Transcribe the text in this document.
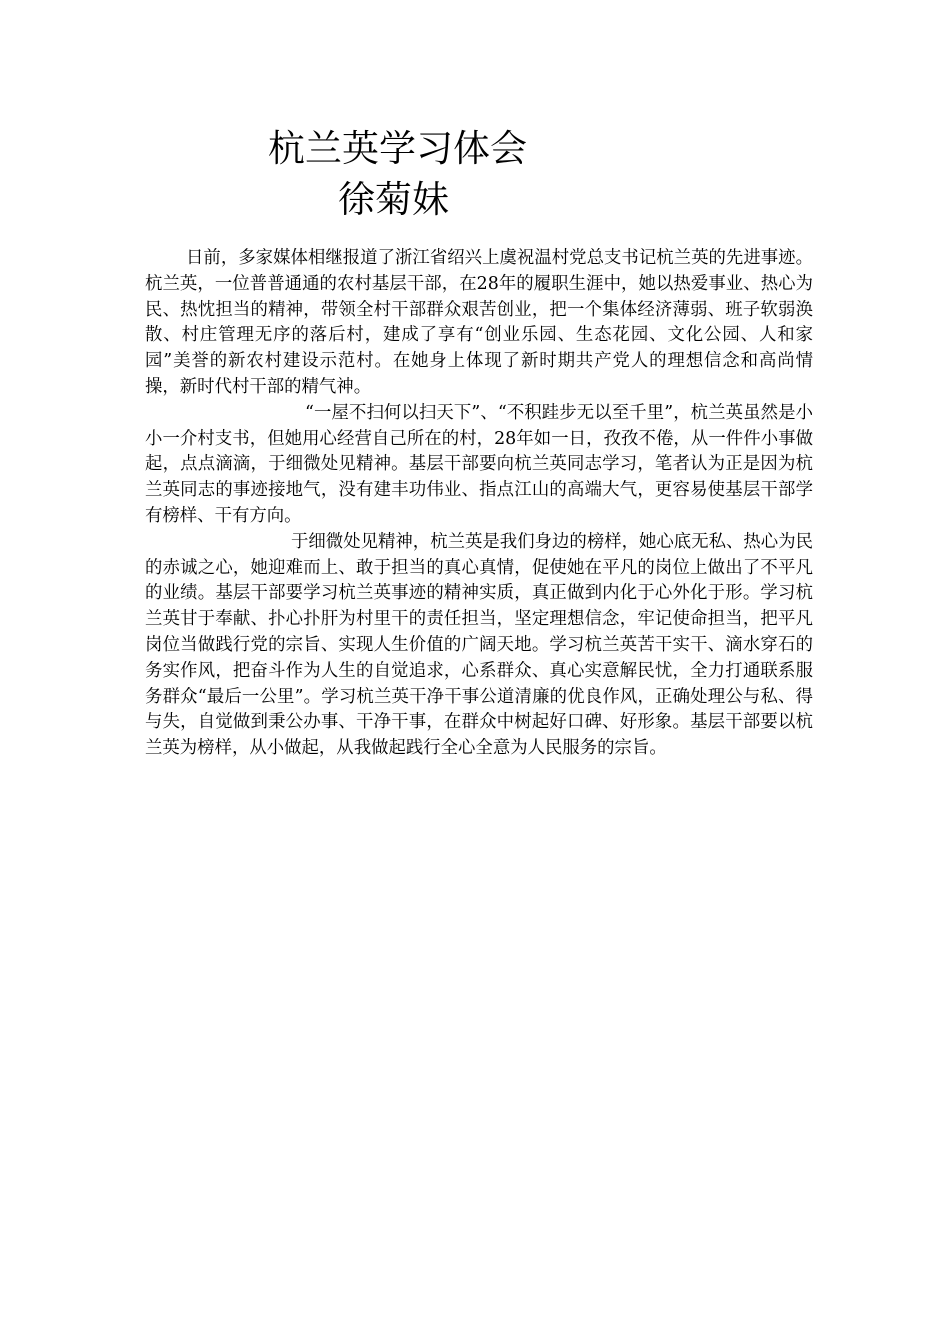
杭兰英学习体会
徐菊妹

日前，多家媒体相继报道了浙江省绍兴上虞祝温村党总支书记杭兰英的先进事迹。杭兰英，一位普普通通的农村基层干部，在28年的履职生涯中，她以热爱事业、热心为民、热忱担当的精神，带领全村干部群众艰苦创业，把一个集体经济薄弱、班子软弱涣散、村庄管理无序的落后村，建成了享有“创业乐园、生态花园、文化公园、人和家园”美誉的新农村建设示范村。在她身上体现了新时期共产党人的理想信念和高尚情操，新时代村干部的精气神。

“一屋不扫何以扫天下”、“不积跬步无以至千里”，杭兰英虽然是小小一介村支书，但她用心经营自己所在的村，28年如一日，孜孜不倦，从一件件小事做起，点点滴滴，于细微处见精神。基层干部要向杭兰英同志学习，笔者认为正是因为杭兰英同志的事迹接地气，没有建丰功伟业、指点江山的高端大气，更容易使基层干部学有榜样、干有方向。

于细微处见精神，杭兰英是我们身边的榜样，她心底无私、热心为民的赤诚之心，她迎难而上、敢于担当的真心真情，促使她在平凡的岗位上做出了不平凡的业绩。基层干部要学习杭兰英事迹的精神实质，真正做到内化于心外化于形。学习杭兰英甘于奉献、扑心扑肝为村里干的责任担当，坚定理想信念，牢记使命担当，把平凡岗位当做践行党的宗旨、实现人生价值的广阔天地。学习杭兰英苦干实干、滴水穿石的务实作风，把奋斗作为人生的自觉追求，心系群众、真心实意解民忧，全力打通联系服务群众“最后一公里”。学习杭兰英干净干事公道清廉的优良作风，正确处理公与私、得与失，自觉做到秉公办事、干净干事，在群众中树起好口碑、好形象。基层干部要以杭兰英为榜样，从小做起，从我做起践行全心全意为人民服务的宗旨。
